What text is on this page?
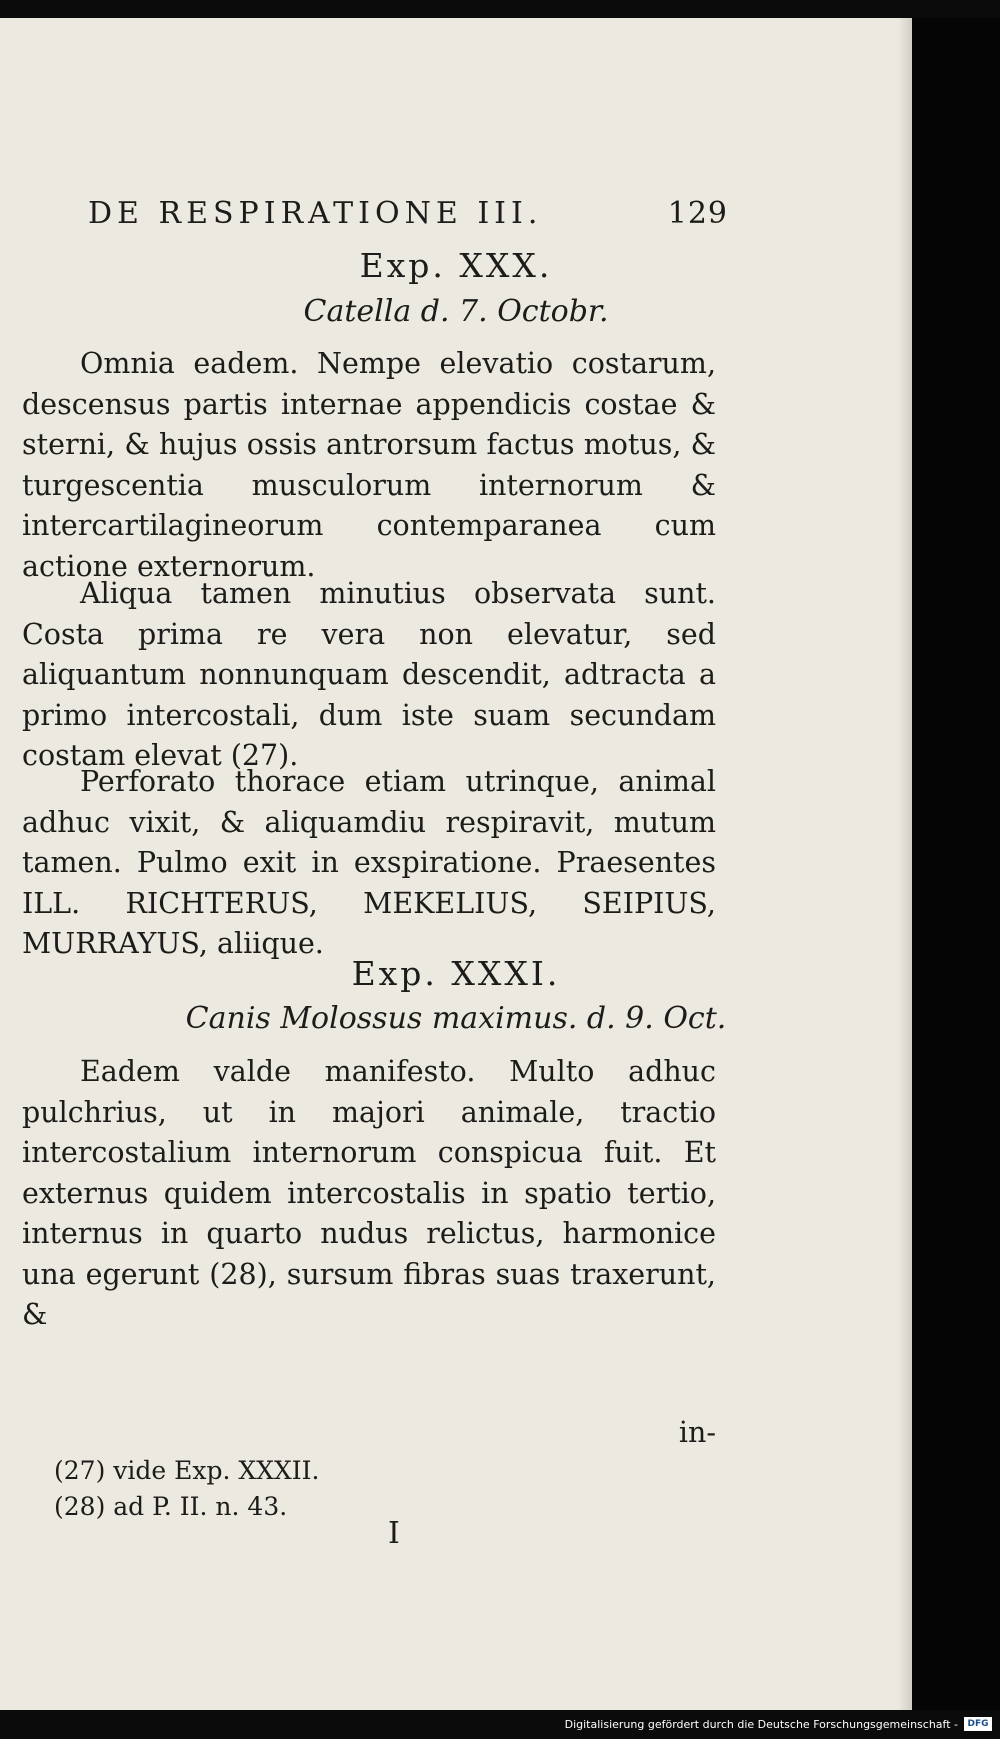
DE RESPIRATIONE III.	129
Exp. XXX.
Catella d. 7. Octobr.

Omnia eadem. Nempe elevatio costarum, descensus partis internae appendicis costae & sterni, & hujus ossis antrorsum factus motus, & turgescentia musculorum internorum & intercartilagineorum contemparanea cum actione externorum.

Aliqua tamen minutius observata sunt. Costa prima re vera non elevatur, sed aliquantum nonnunquam descendit, adtracta a primo intercostali, dum iste suam secundam costam elevat (27).

Perforato thorace etiam utrinque, animal adhuc vixit, & aliquamdiu respiravit, mutum tamen. Pulmo exit in exspiratione. Praesentes ILL. RICHTERUS, MEKELIUS, SEIPIUS, MURRAYUS, aliique.

Exp. XXXI.
Canis Molossus maximus. d. 9. Oct.

Eadem valde manifesto. Multo adhuc pulchrius, ut in majori animale, tractio intercostalium internorum conspicua fuit. Et externus quidem intercostalis in spatio tertio, internus in quarto nudus relictus, harmonice una egerunt (28), sursum fibras suas traxerunt, &

in-
(27) vide Exp. XXXII.
(28) ad P. II. n. 43.
I
Digitalisierung gefördert durch die Deutsche Forschungsgemeinschaft -	DFG
